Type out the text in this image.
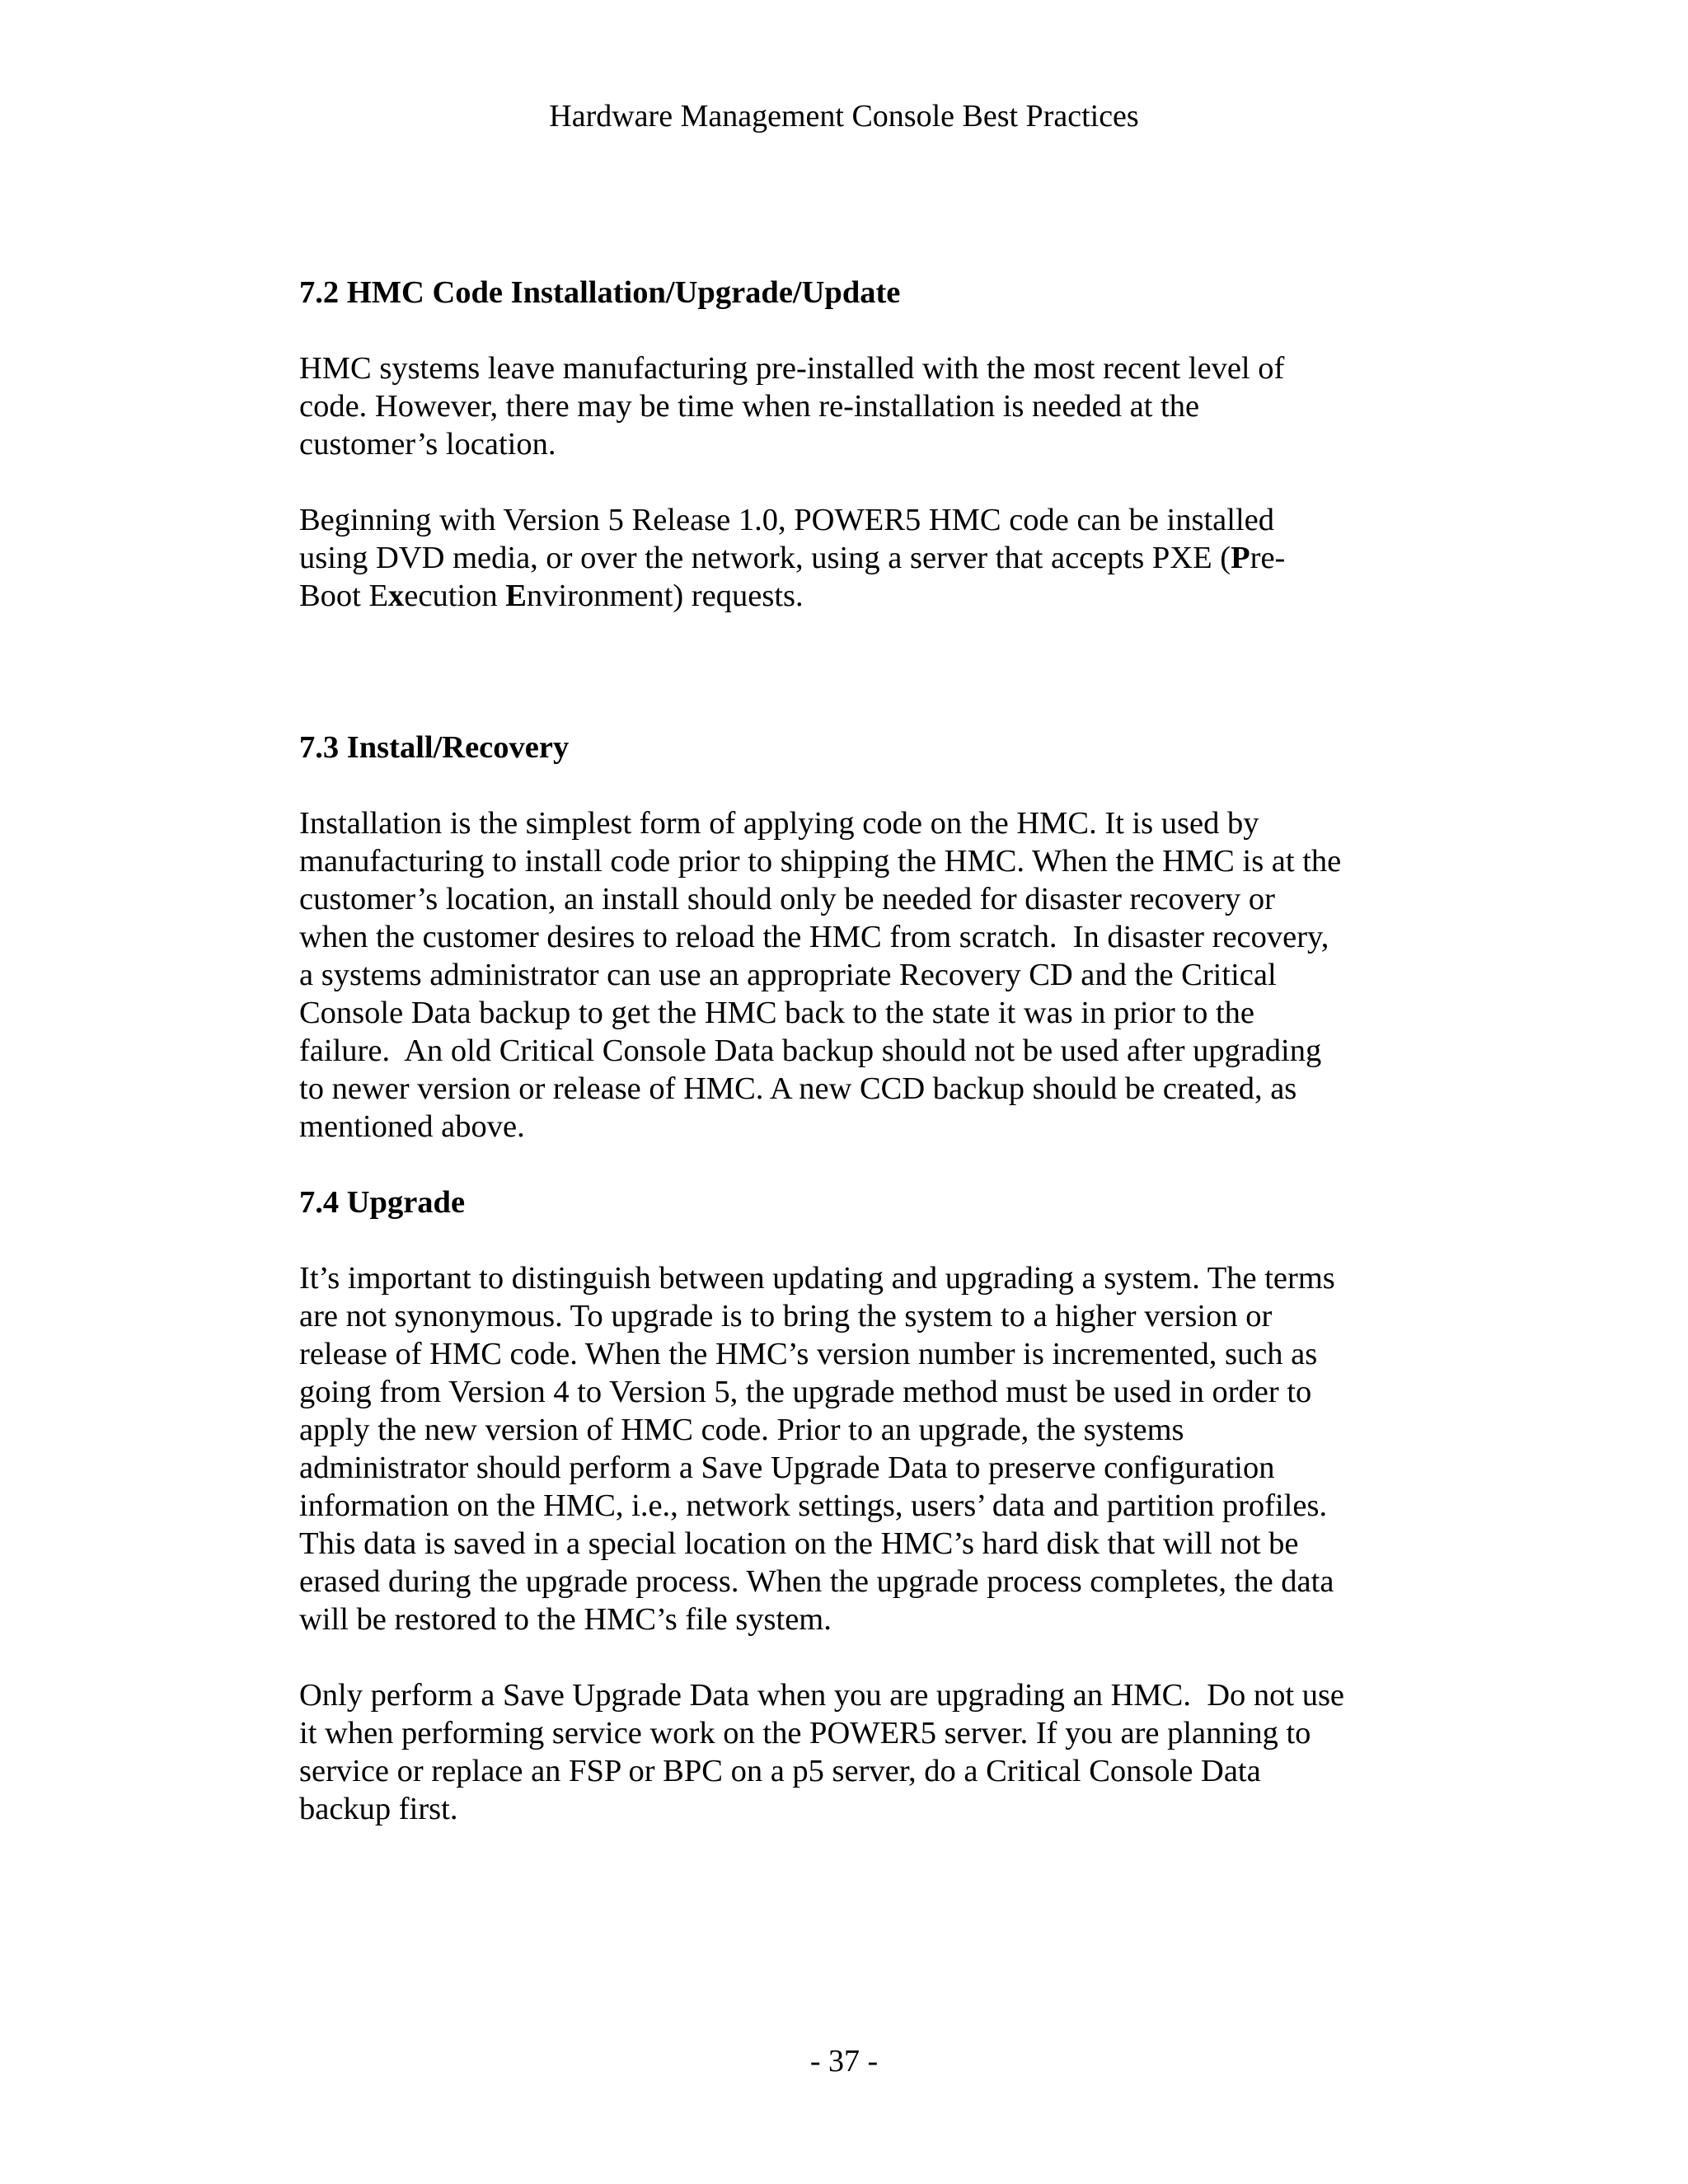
Hardware Management Console Best Practices
7.2 HMC Code Installation/Upgrade/Update

HMC systems leave manufacturing pre-installed with the most recent level of
code. However, there may be time when re-installation is needed at the
customer’s location.

Beginning with Version 5 Release 1.0, POWER5 HMC code can be installed
using DVD media, or over the network, using a server that accepts PXE (Pre-
Boot Execution Environment) requests.

7.3 Install/Recovery

Installation is the simplest form of applying code on the HMC. It is used by
manufacturing to install code prior to shipping the HMC. When the HMC is at the
customer’s location, an install should only be needed for disaster recovery or
when the customer desires to reload the HMC from scratch.  In disaster recovery,
a systems administrator can use an appropriate Recovery CD and the Critical
Console Data backup to get the HMC back to the state it was in prior to the
failure.  An old Critical Console Data backup should not be used after upgrading
to newer version or release of HMC. A new CCD backup should be created, as
mentioned above.

7.4 Upgrade

It’s important to distinguish between updating and upgrading a system. The terms
are not synonymous. To upgrade is to bring the system to a higher version or
release of HMC code. When the HMC’s version number is incremented, such as
going from Version 4 to Version 5, the upgrade method must be used in order to
apply the new version of HMC code. Prior to an upgrade, the systems
administrator should perform a Save Upgrade Data to preserve configuration
information on the HMC, i.e., network settings, users’ data and partition profiles.
This data is saved in a special location on the HMC’s hard disk that will not be
erased during the upgrade process. When the upgrade process completes, the data
will be restored to the HMC’s file system.

Only perform a Save Upgrade Data when you are upgrading an HMC.  Do not use
it when performing service work on the POWER5 server. If you are planning to
service or replace an FSP or BPC on a p5 server, do a Critical Console Data
backup first.

- 37 -
